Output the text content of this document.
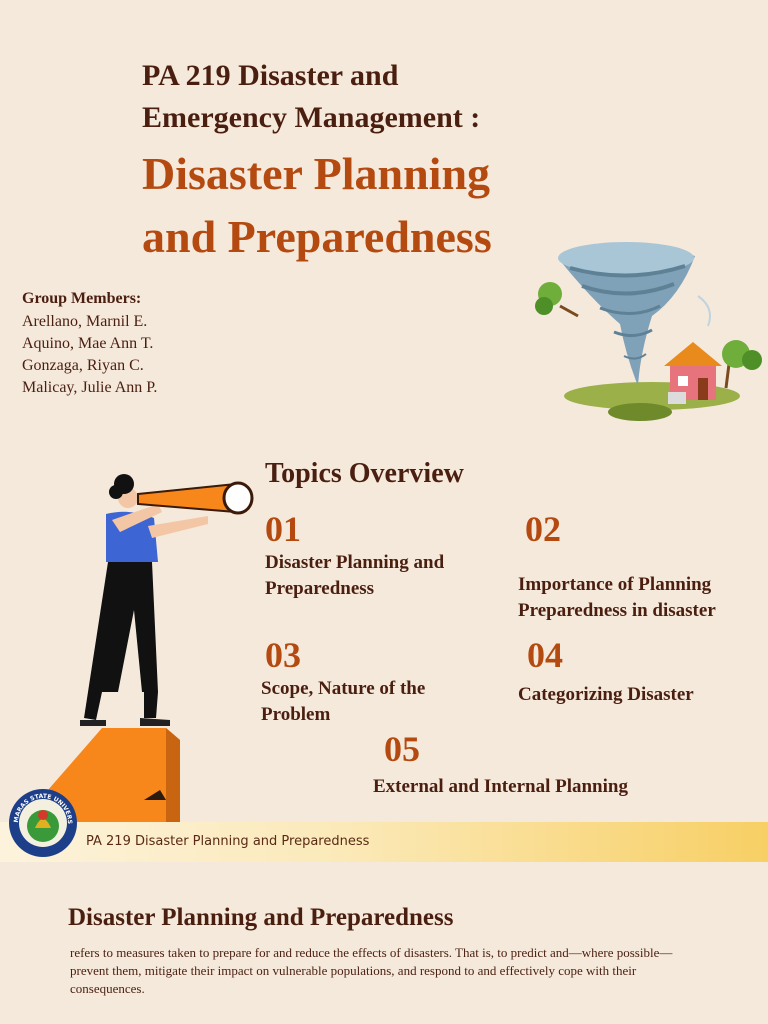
PA 219 Disaster and
Emergency Management :
Disaster Planning
and Preparedness
Group Members:
Arellano, Marnil E.
Aquino, Mae Ann T.
Gonzaga, Riyan C.
Malicay, Julie Ann P.
Topics Overview
01
Disaster Planning and
Preparedness
02
Importance of Planning
Preparedness in disaster
03
Scope, Nature of the
Problem
04
Categorizing Disaster
05
External and Internal Planning
GUIMARAS STATE UNIVERSITY
PA 219 Disaster Planning and Preparedness
Disaster Planning and Preparedness
refers to measures taken to prepare for and reduce the effects of disasters. That is, to predict and—where possible—prevent them, mitigate their impact on vulnerable populations, and respond to and effectively cope with their consequences.
